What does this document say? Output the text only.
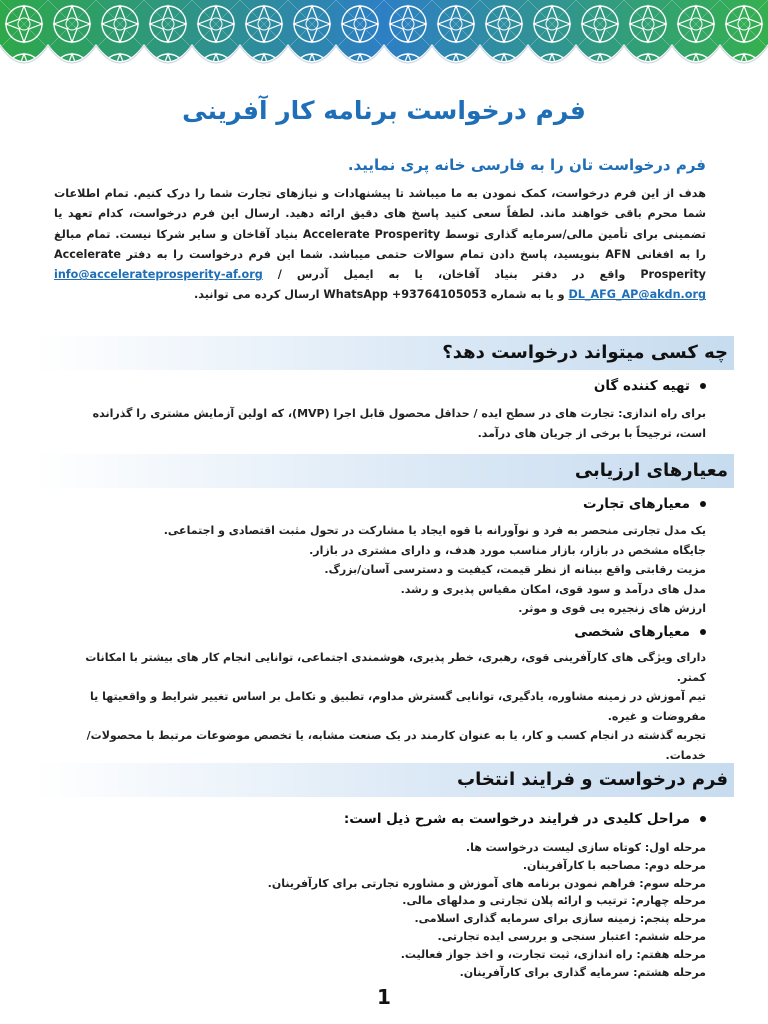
فرم درخواست برنامه کار آفرینی
فرم درخواست تان را به فارسی خانه پری نمایید.
هدف از این فرم درخواست، کمک نمودن به ما میباشد تا پیشنهادات و نیازهای تجارت شما را درک کنیم. تمام اطلاعات شما محرم باقی خواهند ماند. لطفاً سعی کنید پاسخ های دقیق ارائه دهید. ارسال این فرم درخواست، کدام تعهد یا تضمینی برای تأمین مالی/سرمایه گذاری توسط Accelerate Prosperity بنیاد آقاخان و سایر شرکا نیست. تمام مبالغ را به افغانی AFN بنویسید، پاسخ دادن تمام سوالات حتمی میباشد. شما این فرم درخواست را به دفتر Accelerate Prosperity واقع در دفتر بنیاد آقاخان، یا به ایمیل آدرس info@accelerateprosperity-af.org / DL_AFG_AP@akdn.org و یا به شماره WhatsApp +93764105053 ارسال کرده می توانید.
چه کسی میتواند درخواست دهد؟
تهیه کننده گان
برای راه اندازی: تجارت های در سطح ایده / حداقل محصول قابل اجرا (MVP)، که اولین آزمایش مشتری را گذرانده
است، ترجیحاً با برخی از جریان های درآمد.
معیارهای ارزیابی
معیارهای تجارت
یک مدل تجارتی منحصر به فرد و نوآورانه با قوه ایجاد یا مشارکت در تحول مثبت اقتصادی و اجتماعی.
جایگاه مشخص در بازار، بازار مناسب مورد هدف، و دارای مشتری در بازار.
مزیت رقابتی واقع بینانه از نظر قیمت، کیفیت و دسترسی آسان/بزرگ.
مدل های درآمد و سود قوی، امکان مقیاس پذیری و رشد.
ارزش های زنجیره یی قوی و موثر.
معیارهای شخصی
دارای ویژگی های کارآفرینی قوی، رهبری، خطر پذیری، هوشمندی اجتماعی، توانایی انجام کار های بیشتر با امکانات کمتر.
تیم آموزش در زمینه مشاوره، یادگیری، توانایی گسترش مداوم، تطبیق و تکامل بر اساس تغییر شرایط و واقعیتها یا مفروضات و غیره.
تجربه گذشته در انجام کسب و کار، یا به عنوان کارمند در یک صنعت مشابه، یا تخصص موضوعات مرتبط با محصولات/خدمات.
فرم درخواست و فرایند انتخاب
مراحل کلیدی در فرایند درخواست به شرح ذیل است:
مرحله اول: کوتاه سازی لیست درخواست ها.
مرحله دوم: مصاحبه با کارآفرینان.
مرحله سوم: فراهم نمودن برنامه های آموزش و مشاوره تجارتی برای کارآفرینان.
مرحله چهارم: ترتیب و ارائه پلان تجارتی و مدلهای مالی.
مرحله پنجم: زمینه سازی برای سرمایه گذاری اسلامی.
مرحله ششم: اعتبار سنجی و بررسی ایده تجارتی.
مرحله هفتم: راه اندازی، ثبت تجارت، و اخذ جواز فعالیت.
مرحله هشتم: سرمایه گذاری برای کارآفرینان.
1
